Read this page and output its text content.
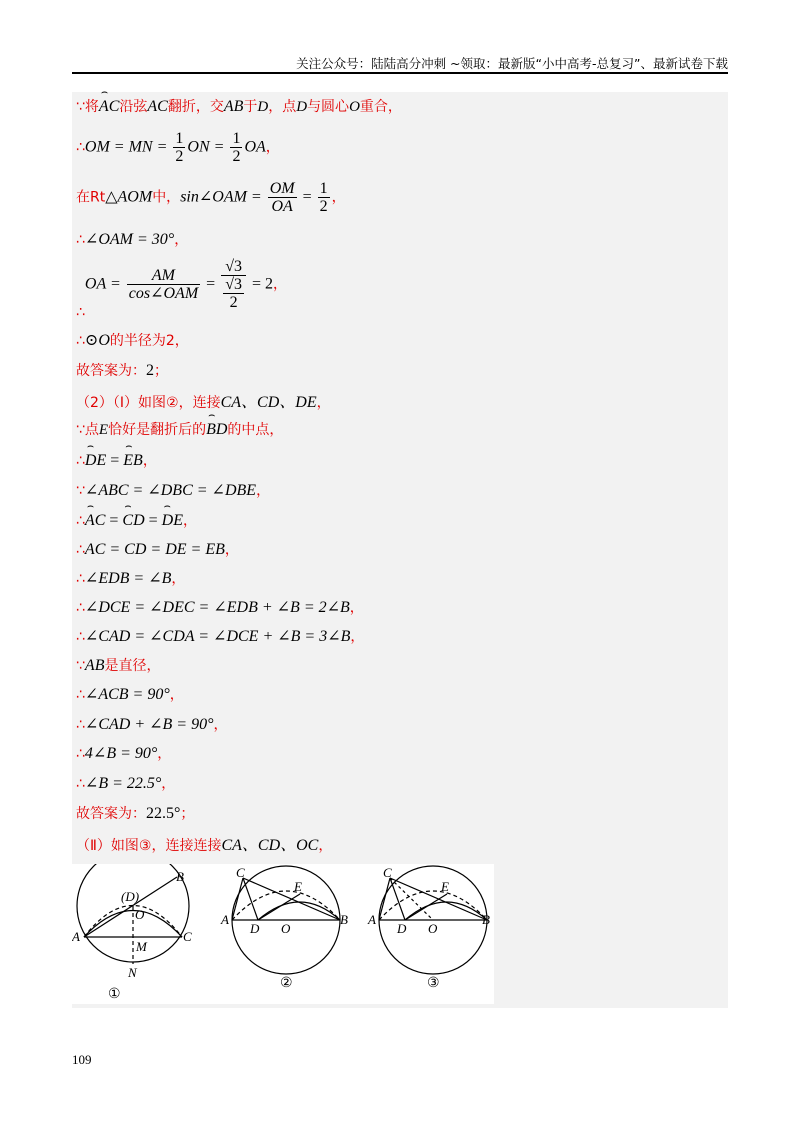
关注公众号：陆陆高分冲刺 ~领取：最新版“小中高考-总复习”、最新试卷下载
∵将⌢ AC沿弦AC翻折，交AB于D，点D与圆心O重合，
∴OM = MN = $\frac{1}{2}$ ON = $\frac{1}{2}$ OA，
在Rt△AOM中，sin∠OAM = $\frac{OM}{OA} = \frac{1}{2}$ ，
∴∠OAM = 30°，
∴OA = $\frac{AM}{\text{cos∠OAM}} = √3$
√3
2 = 2，
∴⊙O的半径为2，
故答案为：2；
（2）（Ⅰ）如图②，连接CA、CD、DE，
∵点E恰好是翻折后的⌢ BD的中点，
∴⌢ DE = ⌢ EB，
∵∠ABC = ∠DBC = ∠DBE，
∴⌢ AC = ⌢ CD = ⌢ DE，
∴AC = CD = DE = EB，
∴∠EDB = ∠B，
∴∠DCE = ∠DEC = ∠EDB + ∠B = 2∠B，
∴∠CAD = ∠CDA = ∠DCE + ∠B = 3∠B，
∵AB是直径，
∴∠ACB = 90°，
∴∠CAD + ∠B = 90°，
∴4∠B = 90°，
∴∠B = 22.5°，
故答案为：22.5°；
（Ⅱ）如图③，连接连接CA、CD、OC，
B
(D)
O
A
M
C
N
①
C
E
A
D O
B
②
C
E
A
D O
B
③
109
